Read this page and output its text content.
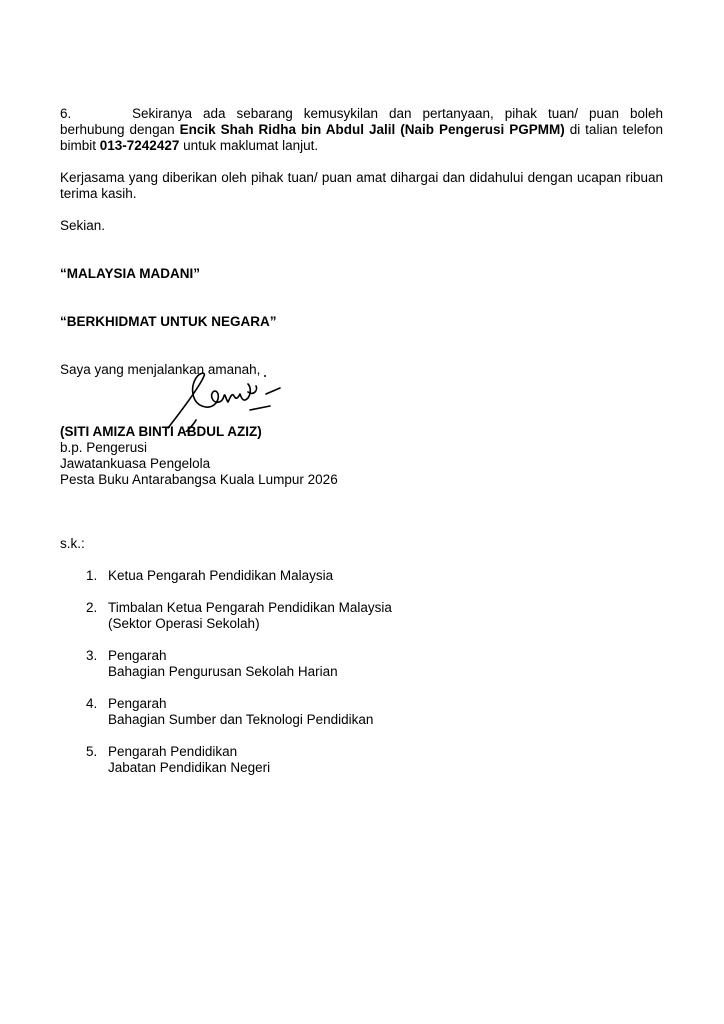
6.	Sekiranya ada sebarang kemusykilan dan pertanyaan, pihak tuan/ puan boleh berhubung dengan Encik Shah Ridha bin Abdul Jalil (Naib Pengerusi PGPMM) di talian telefon bimbit 013-7242427 untuk maklumat lanjut.

Kerjasama yang diberikan oleh pihak tuan/ puan amat dihargai dan didahului dengan ucapan ribuan terima kasih.

Sekian.

“MALAYSIA MADANI”

“BERKHIDMAT UNTUK NEGARA”

Saya yang menjalankan amanah,

(SITI AMIZA BINTI ABDUL AZIZ)

b.p. Pengerusi

Jawatankuasa Pengelola

Pesta Buku Antarabangsa Kuala Lumpur 2026

s.k.:

1. Ketua Pengarah Pendidikan Malaysia
2. Timbalan Ketua Pengarah Pendidikan Malaysia
(Sektor Operasi Sekolah)
3. Pengarah
Bahagian Pengurusan Sekolah Harian
4. Pengarah
Bahagian Sumber dan Teknologi Pendidikan
5. Pengarah Pendidikan
Jabatan Pendidikan Negeri
